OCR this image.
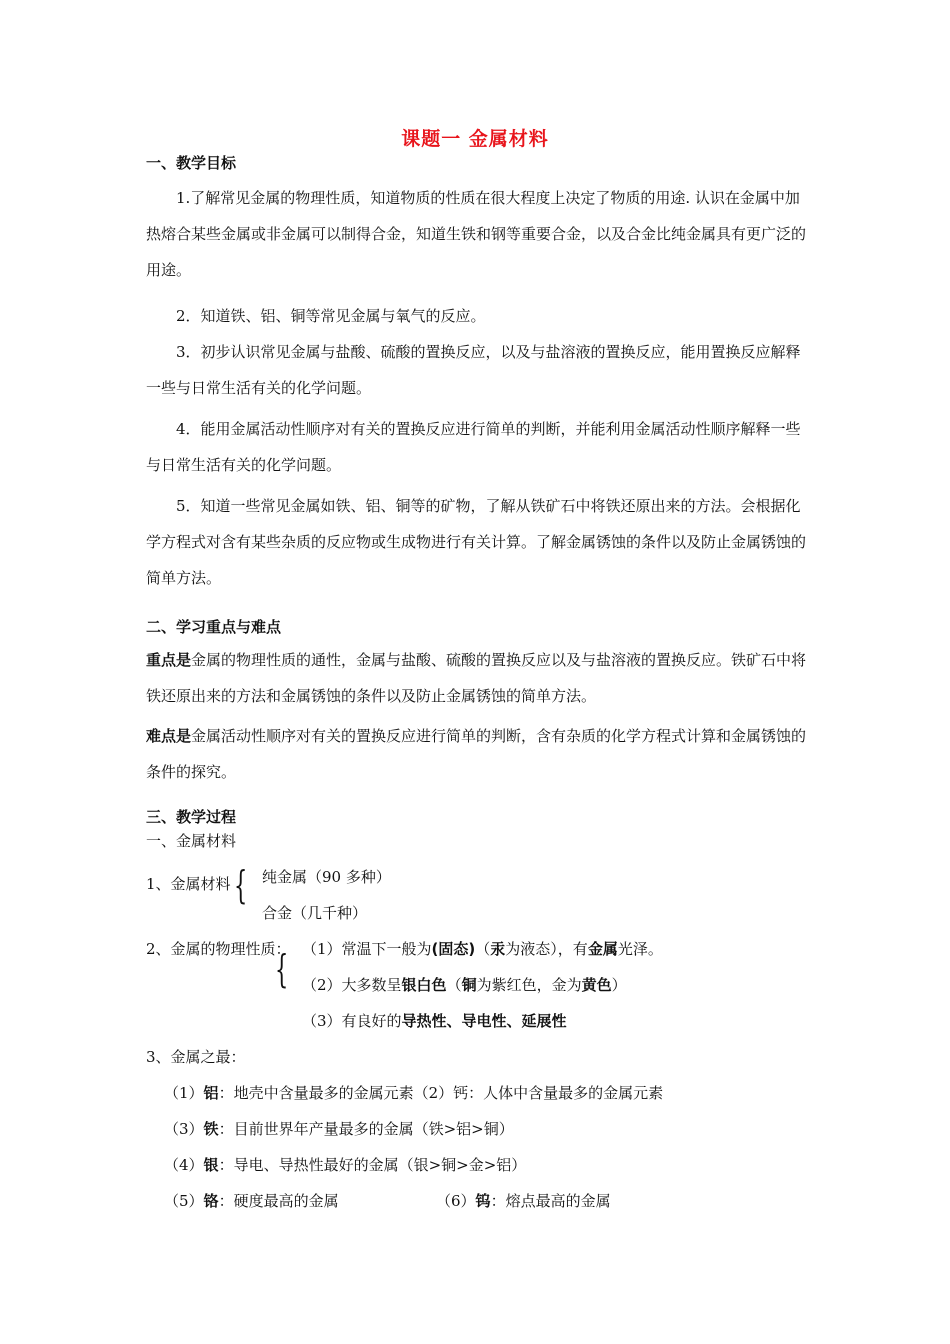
课题一 金属材料
一、教学目标
1.了解常见金属的物理性质，知道物质的性质在很大程度上决定了物质的用途. 认识在金属中加热熔合某些金属或非金属可以制得合金，知道生铁和钢等重要合金，以及合金比纯金属具有更广泛的用途。
2．知道铁、铝、铜等常见金属与氧气的反应。
3．初步认识常见金属与盐酸、硫酸的置换反应，以及与盐溶液的置换反应，能用置换反应解释一些与日常生活有关的化学问题。
4．能用金属活动性顺序对有关的置换反应进行简单的判断，并能利用金属活动性顺序解释一些与日常生活有关的化学问题。
5．知道一些常见金属如铁、铝、铜等的矿物，了解从铁矿石中将铁还原出来的方法。会根据化学方程式对含有某些杂质的反应物或生成物进行有关计算。了解金属锈蚀的条件以及防止金属锈蚀的简单方法。
二、学习重点与难点
重点是金属的物理性质的通性，金属与盐酸、硫酸的置换反应以及与盐溶液的置换反应。铁矿石中将铁还原出来的方法和金属锈蚀的条件以及防止金属锈蚀的简单方法。
难点是金属活动性顺序对有关的置换反应进行简单的判断，含有杂质的化学方程式计算和金属锈蚀的条件的探究。
三、教学过程
一、金属材料
1、金属材料 { 纯金属（90 多种）
合金（几千种）
2、金属的物理性质：
{ （1）常温下一般为(固态)（汞为液态），有金属光泽。
（2）大多数呈银白色（铜为紫红色，金为黄色）
（3）有良好的导热性、导电性、延展性
3、金属之最：
（1）铝：地壳中含量最多的金属元素（2）钙：人体中含量最多的金属元素
（3）铁：目前世界年产量最多的金属（铁>铝>铜）
（4）银：导电、导热性最好的金属（银>铜>金>铝）
（5）铬：硬度最高的金属	（6）钨：熔点最高的金属
